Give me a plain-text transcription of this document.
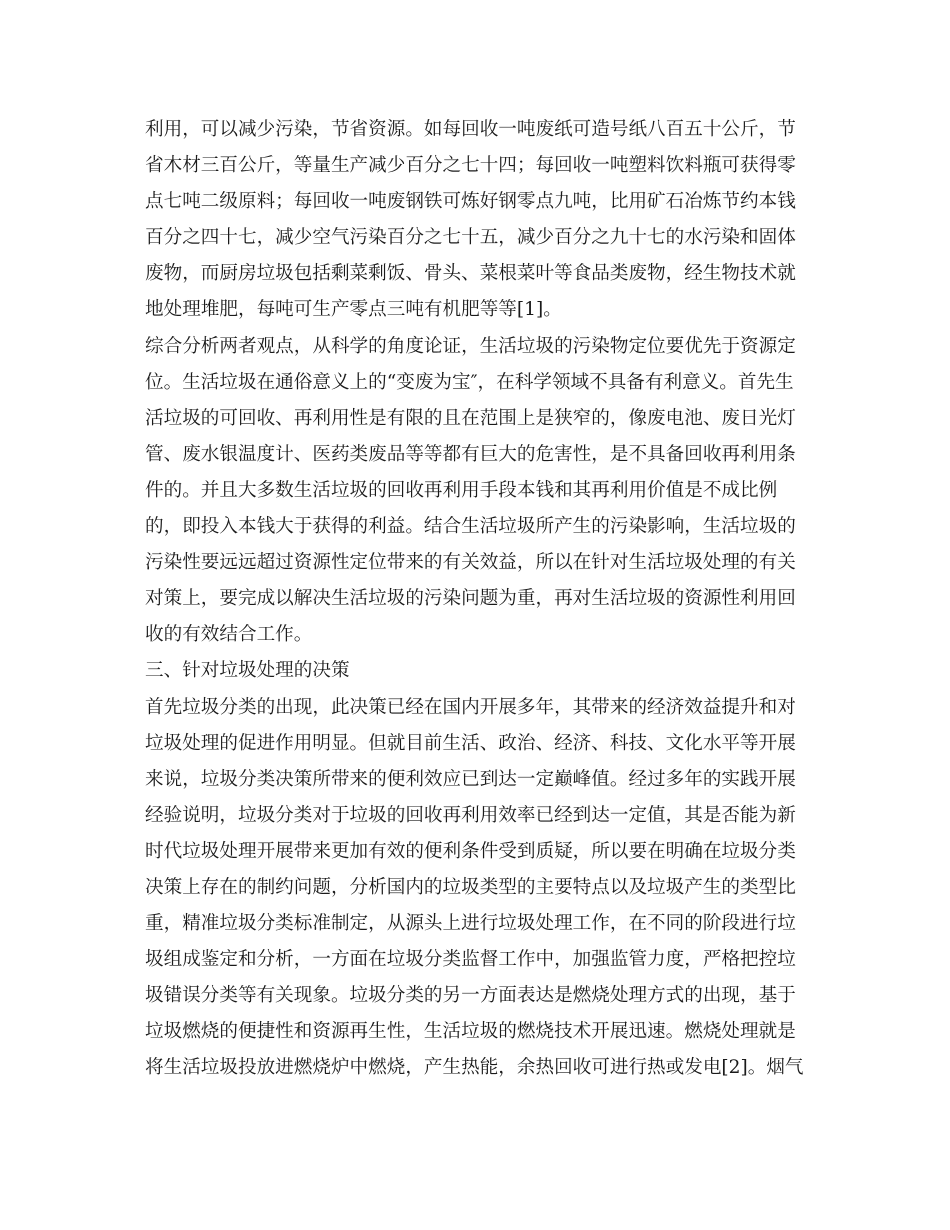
利用，可以减少污染，节省资源。如每回收一吨废纸可造号纸八百五十公斤，节
省木材三百公斤，等量生产减少百分之七十四；每回收一吨塑料饮料瓶可获得零
点七吨二级原料；每回收一吨废钢铁可炼好钢零点九吨，比用矿石冶炼节约本钱
百分之四十七，减少空气污染百分之七十五，减少百分之九十七的水污染和固体
废物，而厨房垃圾包括剩菜剩饭、骨头、菜根菜叶等食品类废物，经生物技术就
地处理堆肥，每吨可生产零点三吨有机肥等等[1]。
综合分析两者观点，从科学的角度论证，生活垃圾的污染物定位要优先于资源定
位。生活垃圾在通俗意义上的“变废为宝″，在科学领域不具备有利意义。首先生
活垃圾的可回收、再利用性是有限的且在范围上是狭窄的，像废电池、废日光灯
管、废水银温度计、医药类废品等等都有巨大的危害性，是不具备回收再利用条
件的。并且大多数生活垃圾的回收再利用手段本钱和其再利用价值是不成比例
的，即投入本钱大于获得的利益。结合生活垃圾所产生的污染影响，生活垃圾的
污染性要远远超过资源性定位带来的有关效益，所以在针对生活垃圾处理的有关
对策上，要完成以解决生活垃圾的污染问题为重，再对生活垃圾的资源性利用回
收的有效结合工作。
三、针对垃圾处理的决策
首先垃圾分类的出现，此决策已经在国内开展多年，其带来的经济效益提升和对
垃圾处理的促进作用明显。但就目前生活、政治、经济、科技、文化水平等开展
来说，垃圾分类决策所带来的便利效应已到达一定巅峰值。经过多年的实践开展
经验说明，垃圾分类对于垃圾的回收再利用效率已经到达一定值，其是否能为新
时代垃圾处理开展带来更加有效的便利条件受到质疑，所以要在明确在垃圾分类
决策上存在的制约问题，分析国内的垃圾类型的主要特点以及垃圾产生的类型比
重，精准垃圾分类标准制定，从源头上进行垃圾处理工作，在不同的阶段进行垃
圾组成鉴定和分析，一方面在垃圾分类监督工作中，加强监管力度，严格把控垃
圾错误分类等有关现象。垃圾分类的另一方面表达是燃烧处理方式的出现，基于
垃圾燃烧的便捷性和资源再生性，生活垃圾的燃烧技术开展迅速。燃烧处理就是
将生活垃圾投放进燃烧炉中燃烧，产生热能，余热回收可进行热或发电[2]。烟气
